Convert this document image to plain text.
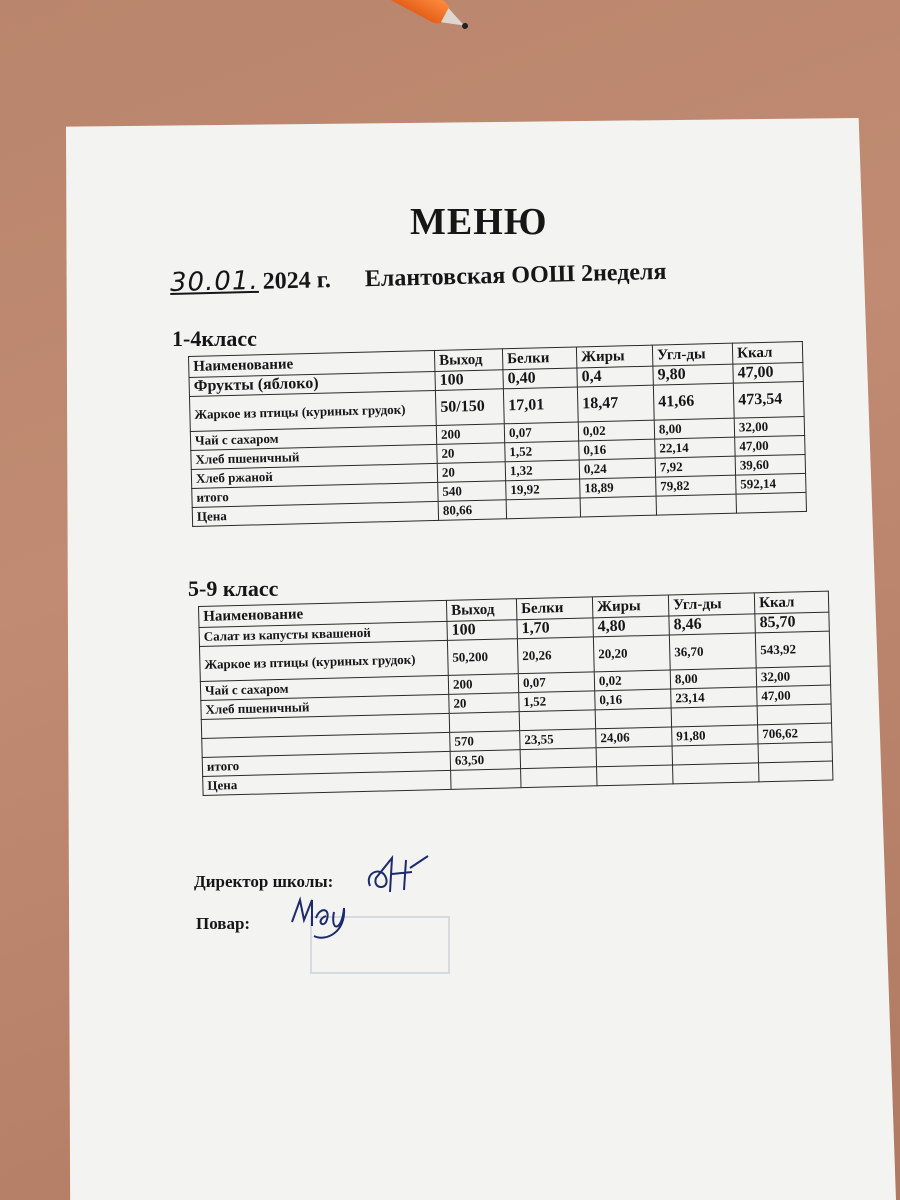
МЕНЮ
30.01. 2024 г. Елантовская ООШ 2неделя
1-4класс
Наименование	Выход	Белки	Жиры	Угл-ды	Ккал
Фрукты (яблоко)	100	0,40	0,4	9,80	47,00
Жаркое из птицы (куриных грудок)	50/150	17,01	18,47	41,66	473,54
Чай с сахаром	200	0,07	0,02	8,00	32,00
Хлеб пшеничный	20	1,52	0,16	22,14	47,00
Хлеб ржаной	20	1,32	0,24	7,92	39,60
итого	540	19,92	18,89	79,82	592,14
Цена	80,66				
5-9 класс
Наименование	Выход	Белки	Жиры	Угл-ды	Ккал
Салат из капусты квашеной	100	1,70	4,80	8,46	85,70
Жаркое из птицы (куриных грудок)	50,200	20,26	20,20	36,70	543,92
Чай с сахаром	200	0,07	0,02	8,00	32,00
Хлеб пшеничный	20	1,52	0,16	23,14	47,00

	570	23,55	24,06	91,80	706,62
итого	63,50				
Цена					
Директор школы:
Повар:
